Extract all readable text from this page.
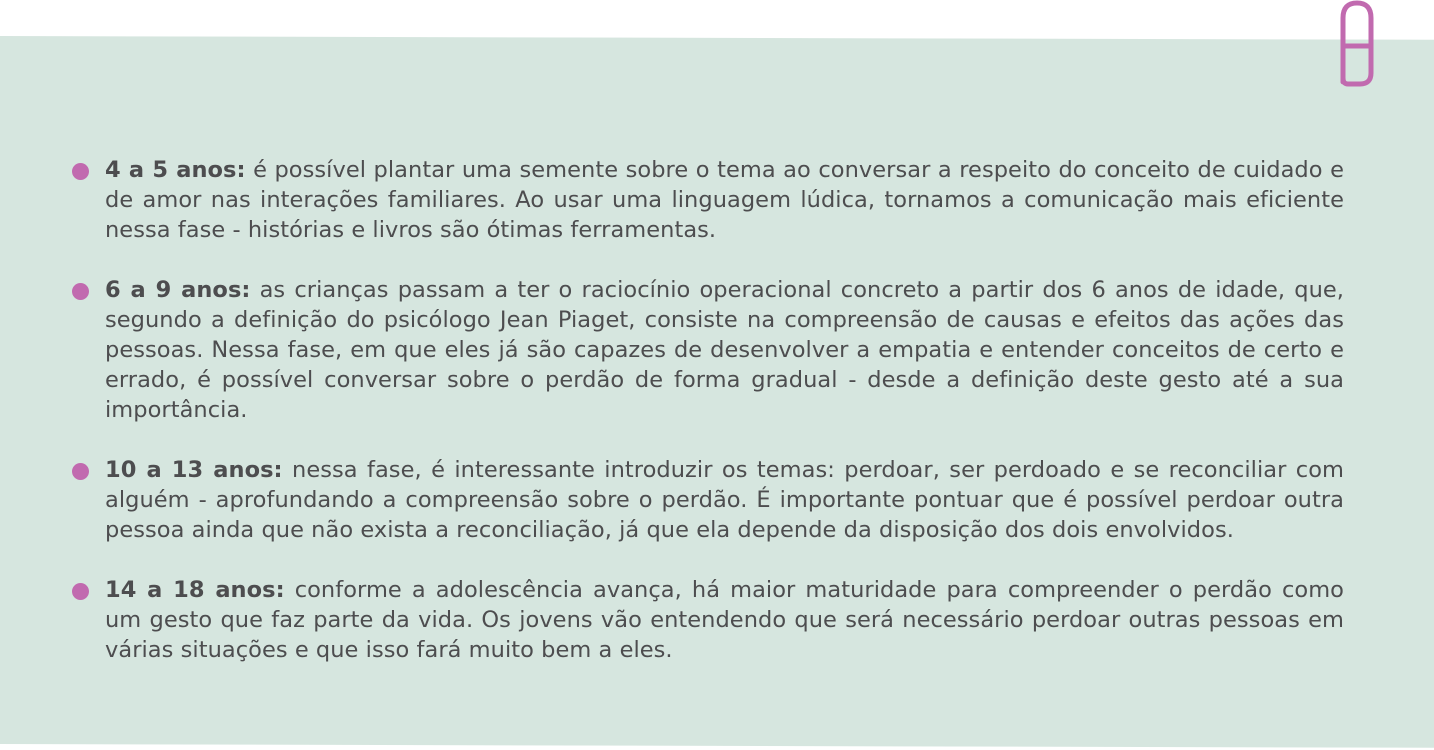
4 a 5 anos: é possível plantar uma semente sobre o tema ao conversar a respeito do conceito de cuidado e de amor nas interações familiares. Ao usar uma linguagem lúdica, tornamos a comunicação mais eficiente nessa fase - histórias e livros são ótimas ferramentas.
6 a 9 anos: as crianças passam a ter o raciocínio operacional concreto a partir dos 6 anos de idade, que, segundo a definição do psicólogo Jean Piaget, consiste na compreensão de causas e efeitos das ações das pessoas. Nessa fase, em que eles já são capazes de desenvolver a empatia e entender conceitos de certo e errado, é possível conversar sobre o perdão de forma gradual - desde a definição deste gesto até a sua importância.
10 a 13 anos: nessa fase, é interessante introduzir os temas: perdoar, ser perdoado e se reconciliar com alguém - aprofundando a compreensão sobre o perdão. É importante pontuar que é possível perdoar outra pessoa ainda que não exista a reconciliação, já que ela depende da disposição dos dois envolvidos.
14 a 18 anos: conforme a adolescência avança, há maior maturidade para compreender o perdão como um gesto que faz parte da vida. Os jovens vão entendendo que será necessário perdoar outras pessoas em várias situações e que isso fará muito bem a eles.
